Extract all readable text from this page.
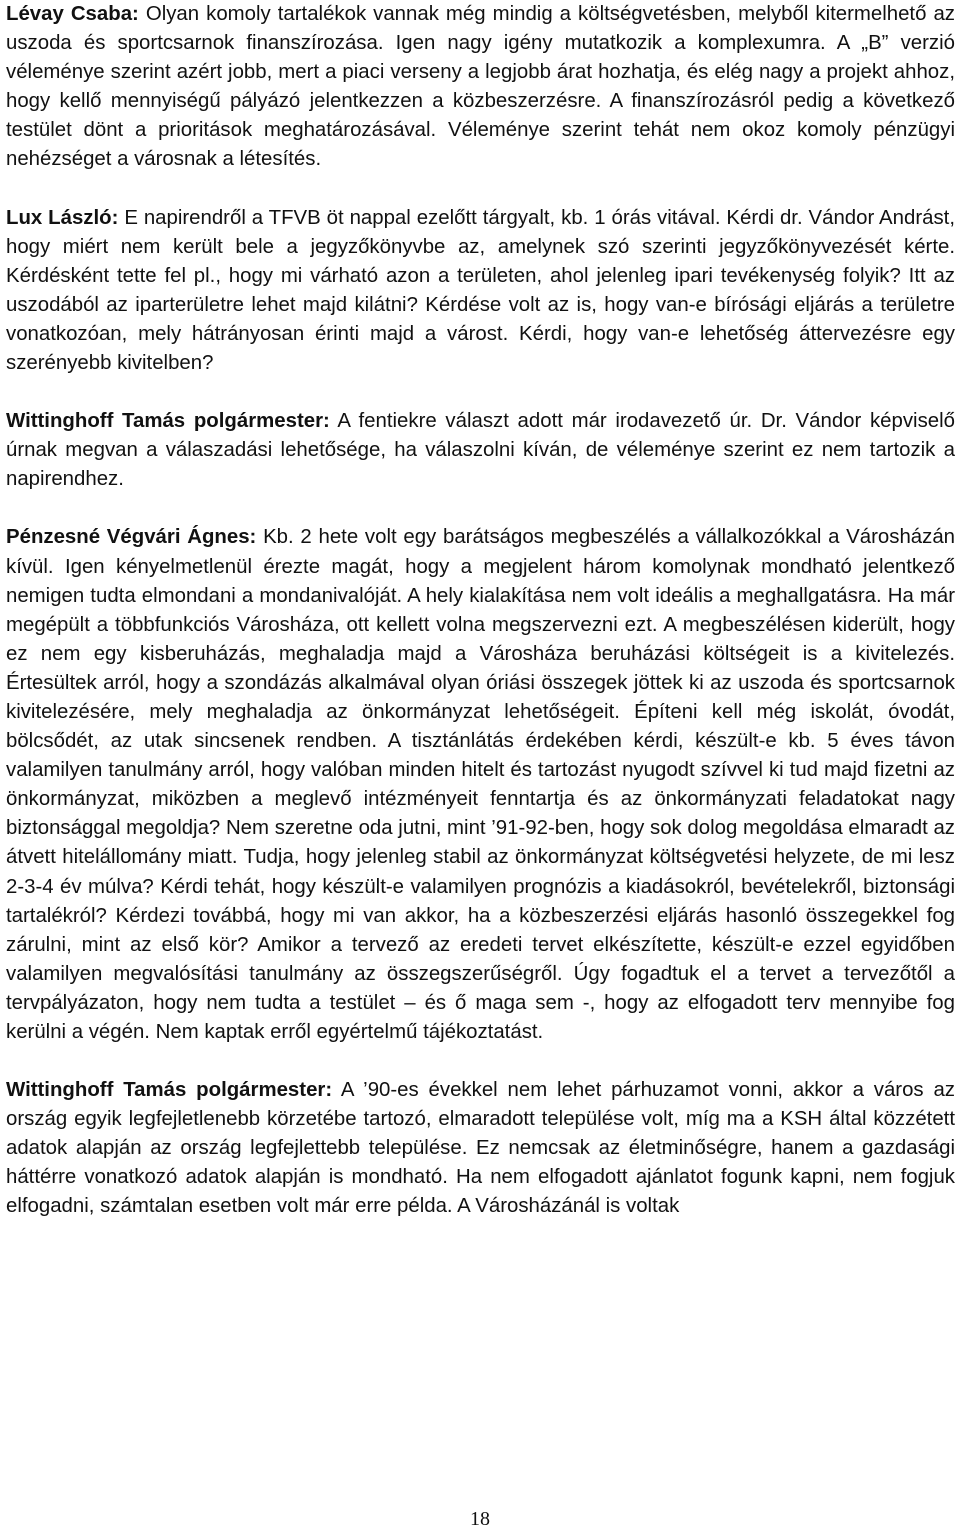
Lévay Csaba: Olyan komoly tartalékok vannak még mindig a költségvetésben, melyből kitermelhető az uszoda és sportcsarnok finanszírozása. Igen nagy igény mutatkozik a komplexumra. A „B” verzió véleménye szerint azért jobb, mert a piaci verseny a legjobb árat hozhatja, és elég nagy a projekt ahhoz, hogy kellő mennyiségű pályázó jelentkezzen a közbeszerzésre. A finanszírozásról pedig a következő testület dönt a prioritások meghatározásával. Véleménye szerint tehát nem okoz komoly pénzügyi nehézséget a városnak a létesítés.

Lux László: E napirendről a TFVB öt nappal ezelőtt tárgyalt, kb. 1 órás vitával. Kérdi dr. Vándor Andrást, hogy miért nem került bele a jegyzőkönyvbe az, amelynek szó szerinti jegyzőkönyvezését kérte. Kérdésként tette fel pl., hogy mi várható azon a területen, ahol jelenleg ipari tevékenység folyik? Itt az uszodából az iparterületre lehet majd kilátni? Kérdése volt az is, hogy van-e bírósági eljárás a területre vonatkozóan, mely hátrányosan érinti majd a várost. Kérdi, hogy van-e lehetőség áttervezésre egy szerényebb kivitelben?

Wittinghoff Tamás polgármester: A fentiekre választ adott már irodavezető úr. Dr. Vándor képviselő úrnak megvan a válaszadási lehetősége, ha válaszolni kíván, de véleménye szerint ez nem tartozik a napirendhez.

Pénzesné Végvári Ágnes: Kb. 2 hete volt egy barátságos megbeszélés a vállalkozókkal a Városházán kívül. Igen kényelmetlenül érezte magát, hogy a megjelent három komolynak mondható jelentkező nemigen tudta elmondani a mondanivalóját. A hely kialakítása nem volt ideális a meghallgatásra. Ha már megépült a többfunkciós Városháza, ott kellett volna megszervezni ezt. A megbeszélésen kiderült, hogy ez nem egy kisberuházás, meghaladja majd a Városháza beruházási költségeit is a kivitelezés. Értesültek arról, hogy a szondázás alkalmával olyan óriási összegek jöttek ki az uszoda és sportcsarnok kivitelezésére, mely meghaladja az önkormányzat lehetőségeit. Építeni kell még iskolát, óvodát, bölcsődét, az utak sincsenek rendben. A tisztánlátás érdekében kérdi, készült-e kb. 5 éves távon valamilyen tanulmány arról, hogy valóban minden hitelt és tartozást nyugodt szívvel ki tud majd fizetni az önkormányzat, miközben a meglevő intézményeit fenntartja és az önkormányzati feladatokat nagy biztonsággal megoldja? Nem szeretne oda jutni, mint ’91-92-ben, hogy sok dolog megoldása elmaradt az átvett hitelállomány miatt. Tudja, hogy jelenleg stabil az önkormányzat költségvetési helyzete, de mi lesz 2-3-4 év múlva? Kérdi tehát, hogy készült-e valamilyen prognózis a kiadásokról, bevételekről, biztonsági tartalékról? Kérdezi továbbá, hogy mi van akkor, ha a közbeszerzési eljárás hasonló összegekkel fog zárulni, mint az első kör? Amikor a tervező az eredeti tervet elkészítette, készült-e ezzel egyidőben valamilyen megvalósítási tanulmány az összegszerűségről. Úgy fogadtuk el a tervet a tervezőtől a tervpályázaton, hogy nem tudta a testület – és ő maga sem -, hogy az elfogadott terv mennyibe fog kerülni a végén. Nem kaptak erről egyértelmű tájékoztatást.

Wittinghoff Tamás polgármester: A ’90-es évekkel nem lehet párhuzamot vonni, akkor a város az ország egyik legfejletlenebb körzetébe tartozó, elmaradott települése volt, míg ma a KSH által közzétett adatok alapján az ország legfejlettebb települése. Ez nemcsak az életminőségre, hanem a gazdasági háttérre vonatkozó adatok alapján is mondható. Ha nem elfogadott ajánlatot fogunk kapni, nem fogjuk elfogadni, számtalan esetben volt már erre példa. A Városházánál is voltak

18
